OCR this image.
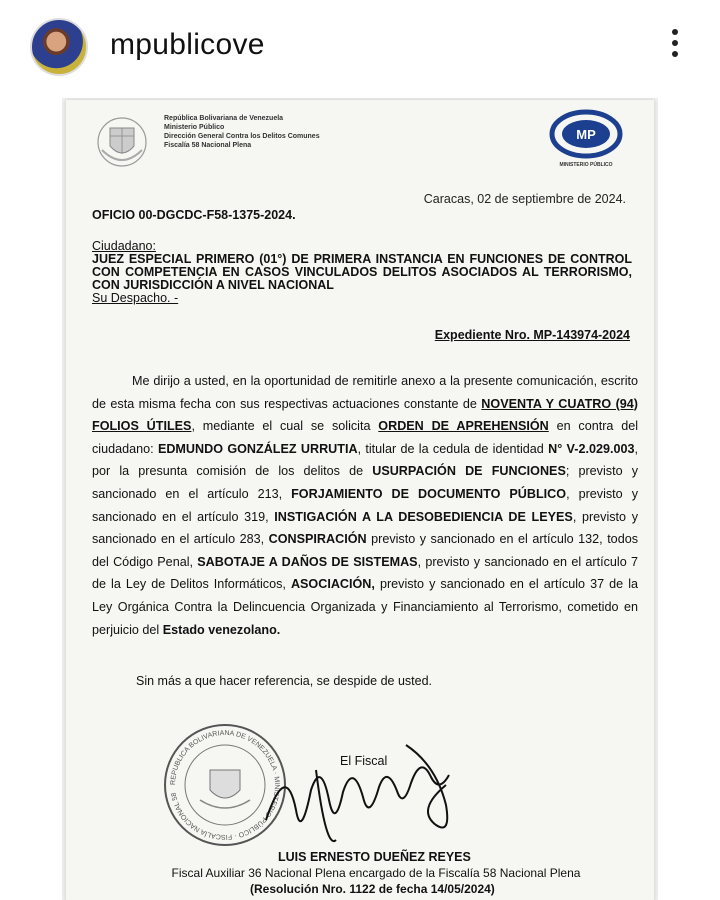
mpublicove
República Bolivariana de Venezuela
Ministerio Público
Dirección General Contra los Delitos Comunes
Fiscalía 58 Nacional Plena
MP
MINISTERIO PÚBLICO
Caracas, 02 de septiembre de 2024.
OFICIO 00-DGCDC-F58-1375-2024.
Ciudadano:
JUEZ ESPECIAL PRIMERO (01°) DE PRIMERA INSTANCIA EN FUNCIONES DE CONTROL CON COMPETENCIA EN CASOS VINCULADOS DELITOS ASOCIADOS AL TERRORISMO, CON JURISDICCIÓN A NIVEL NACIONAL
Su Despacho. -
Expediente Nro. MP-143974-2024

Me dirijo a usted, en la oportunidad de remitirle anexo a la presente comunicación, escrito de esta misma fecha con sus respectivas actuaciones constante de NOVENTA Y CUATRO (94) FOLIOS ÚTILES, mediante el cual se solicita ORDEN DE APREHENSIÓN en contra del ciudadano: EDMUNDO GONZÁLEZ URRUTIA, titular de la cedula de identidad N° V-2.029.003, por la presunta comisión de los delitos de USURPACIÓN DE FUNCIONES; previsto y sancionado en el artículo 213, FORJAMIENTO DE DOCUMENTO PÚBLICO, previsto y sancionado en el artículo 319, INSTIGACIÓN A LA DESOBEDIENCIA DE LEYES, previsto y sancionado en el artículo 283, CONSPIRACIÓN previsto y sancionado en el artículo 132, todos del Código Penal, SABOTAJE A DAÑOS DE SISTEMAS, previsto y sancionado en el artículo 7 de la Ley de Delitos Informáticos, ASOCIACIÓN, previsto y sancionado en el artículo 37 de la Ley Orgánica Contra la Delincuencia Organizada y Financiamiento al Terrorismo, cometido en perjuicio del Estado venezolano.

Sin más a que hacer referencia, se despide de usted.
REPUBLICA BOLIVARIANA DE VENEZUELA · MINISTERIO PÚBLICO · FISCALÍA NACIONAL 58
El Fiscal
LUIS ERNESTO DUEÑEZ REYES
Fiscal Auxiliar 36 Nacional Plena encargado de la Fiscalía 58 Nacional Plena
(Resolución Nro. 1122 de fecha 14/05/2024)
